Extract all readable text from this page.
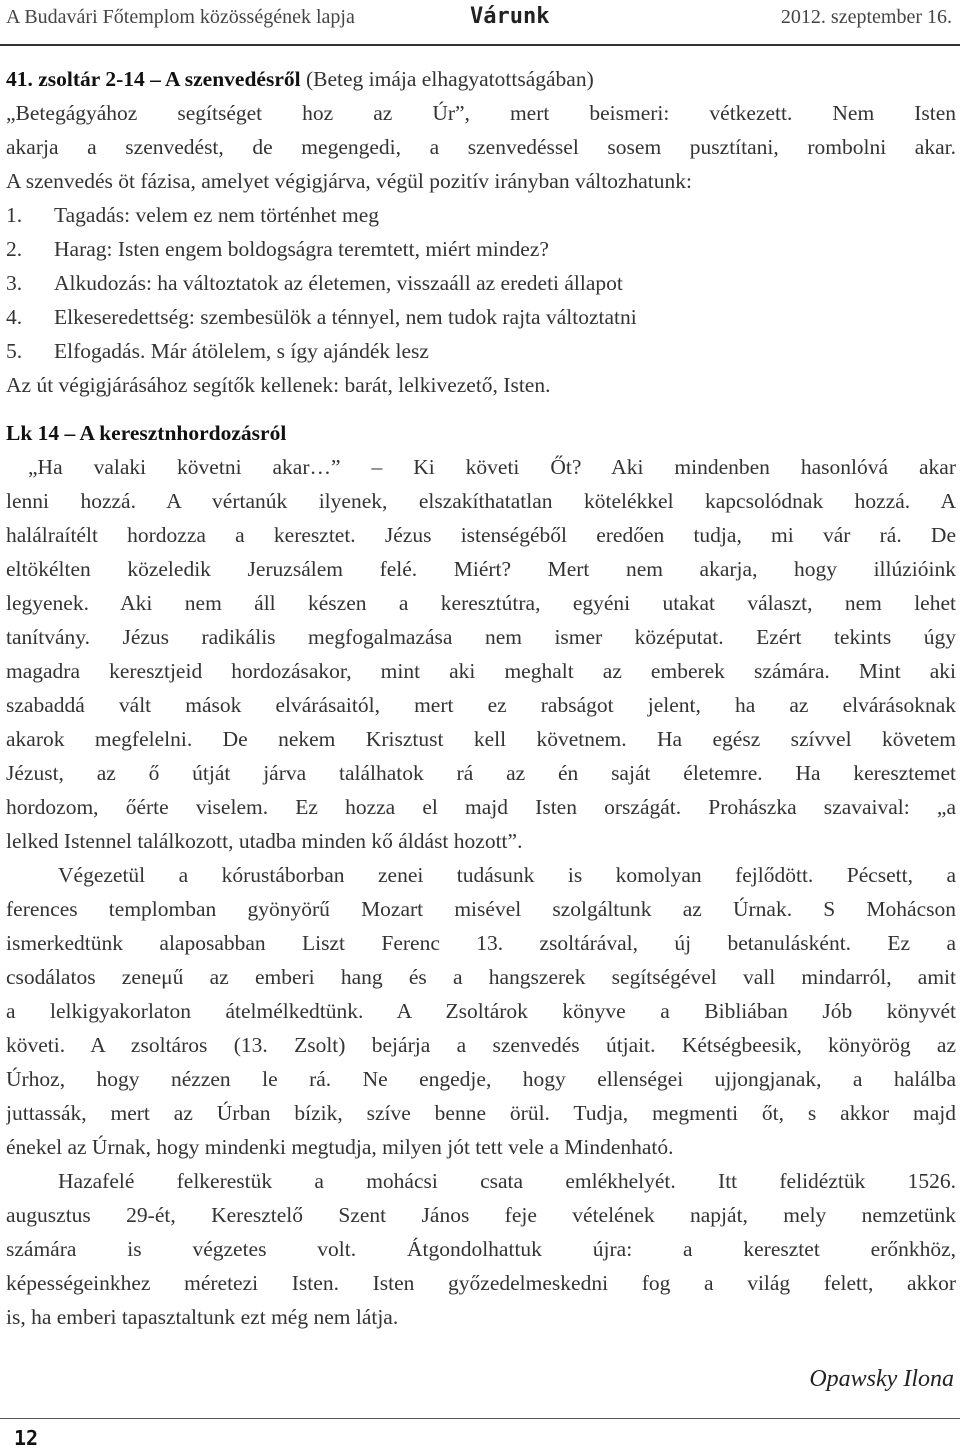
A Budavári Főtemplom közösségének lapja	Várunk	2012. szeptember 16.
41. zsoltár 2-14 – A szenvedésről (Beteg imája elhagyatottságában)
„Betegágyához segítséget hoz az Úr”, mert beismeri: vétkezett. Nem Isten
akarja a szenvedést, de megengedi, a szenvedéssel sosem pusztítani, rombolni akar.
A szenvedés öt fázisa, amelyet végigjárva, végül pozitív irányban változhatunk:
1. Tagadás: velem ez nem történhet meg
2. Harag: Isten engem boldogságra teremtett, miért mindez?
3. Alkudozás: ha változtatok az életemen, visszaáll az eredeti állapot
4. Elkeseredettség: szembesülök a ténnyel, nem tudok rajta változtatni
5. Elfogadás. Már átölelem, s így ajándék lesz
Az út végigjárásához segítők kellenek: barát, lelkivezető, Isten.
Lk 14 – A keresztnhordozásról
„Ha valaki követni akar…” – Ki követi Őt? Aki mindenben hasonlóvá akar
lenni hozzá. A vértanúk ilyenek, elszakíthatatlan kötelékkel kapcsolódnak hozzá. A
halálraítélt hordozza a keresztet. Jézus istenségéből eredően tudja, mi vár rá. De
eltökélten közeledik Jeruzsálem felé. Miért? Mert nem akarja, hogy illúzióink
legyenek. Aki nem áll készen a keresztútra, egyéni utakat választ, nem lehet
tanítvány. Jézus radikális megfogalmazása nem ismer középutat. Ezért tekints úgy
magadra keresztjeid hordozásakor, mint aki meghalt az emberek számára. Mint aki
szabaddá vált mások elvárásaitól, mert ez rabságot jelent, ha az elvárásoknak
akarok megfelelni. De nekem Krisztust kell követnem. Ha egész szívvel követem
Jézust, az ő útját járva találhatok rá az én saját életemre. Ha keresztemet
hordozom, őérte viselem. Ez hozza el majd Isten országát. Prohászka szavaival: „a
lelked Istennel találkozott, utadba minden kő áldást hozott”.
Végezetül a kórustáborban zenei tudásunk is komolyan fejlődött. Pécsett, a
ferences templomban gyönyörű Mozart misével szolgáltunk az Úrnak. S Mohácson
ismerkedtünk alaposabban Liszt Ferenc 13. zsoltárával, új betanulásként. Ez a
csodálatos zeneμű az emberi hang és a hangszerek segítségével vall mindarról, amit
a lelkigyakorlaton átelmélkedtünk. A Zsoltárok könyve a Bibliában Jób könyvét
követi. A zsoltáros (13. Zsolt) bejárja a szenvedés útjait. Kétségbeesik, könyörög az
Úrhoz, hogy nézzen le rá. Ne engedje, hogy ellenségei ujjongjanak, a halálba
juttassák, mert az Úrban bízik, szíve benne örül. Tudja, megmenti őt, s akkor majd
énekel az Úrnak, hogy mindenki megtudja, milyen jót tett vele a Mindenható.
Hazafelé felkerestük a mohácsi csata emlékhelyét. Itt felidéztük 1526.
augusztus 29-ét, Keresztelő Szent János feje vételének napját, mely nemzetünk
számára is végzetes volt. Átgondolhattuk újra: a keresztet erőnkhöz,
képességeinkhez méretezi Isten. Isten győzedelmeskedni fog a világ felett, akkor
is, ha emberi tapasztaltunk ezt még nem látja.
Opawsky Ilona
12
